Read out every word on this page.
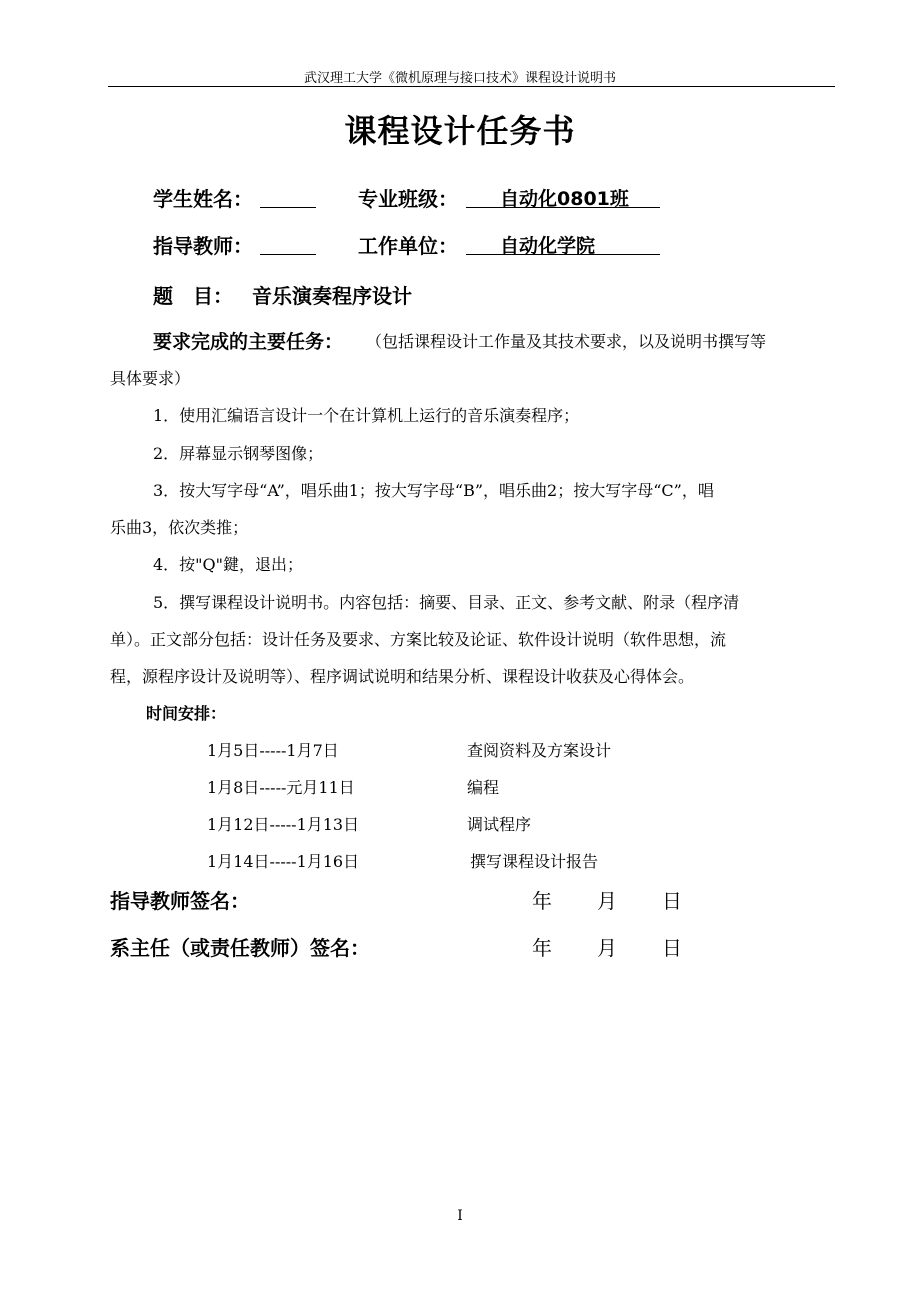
武汉理工大学《微机原理与接口技术》课程设计说明书
课程设计任务书
学生姓名：	专业班级： 自动化0801班
指导教师：	工作单位： 自动化学院
题　目： 音乐演奏程序设计
要求完成的主要任务： （包括课程设计工作量及其技术要求，以及说明书撰写等
具体要求）
1．使用汇编语言设计一个在计算机上运行的音乐演奏程序；
2．屏幕显示钢琴图像；
3．按大写字母“A”，唱乐曲1；按大写字母“B”，唱乐曲2；按大写字母“C”，唱
乐曲3，依次类推；
4．按"Q"鍵，退出；
5．撰写课程设计说明书。内容包括：摘要、目录、正文、参考文献、附录（程序清
单）。正文部分包括：设计任务及要求、方案比较及论证、软件设计说明（软件思想，流
程，源程序设计及说明等）、程序调试说明和结果分析、课程设计收获及心得体会。
时间安排：
1月5日-----1月7日	查阅资料及方案设计
1月8日-----元月11日	编程
1月12日-----1月13日	调试程序
1月14日-----1月16日	撰写课程设计报告
指导教师签名：	年 月 日
系主任（或责任教师）签名：	年 月 日
I
